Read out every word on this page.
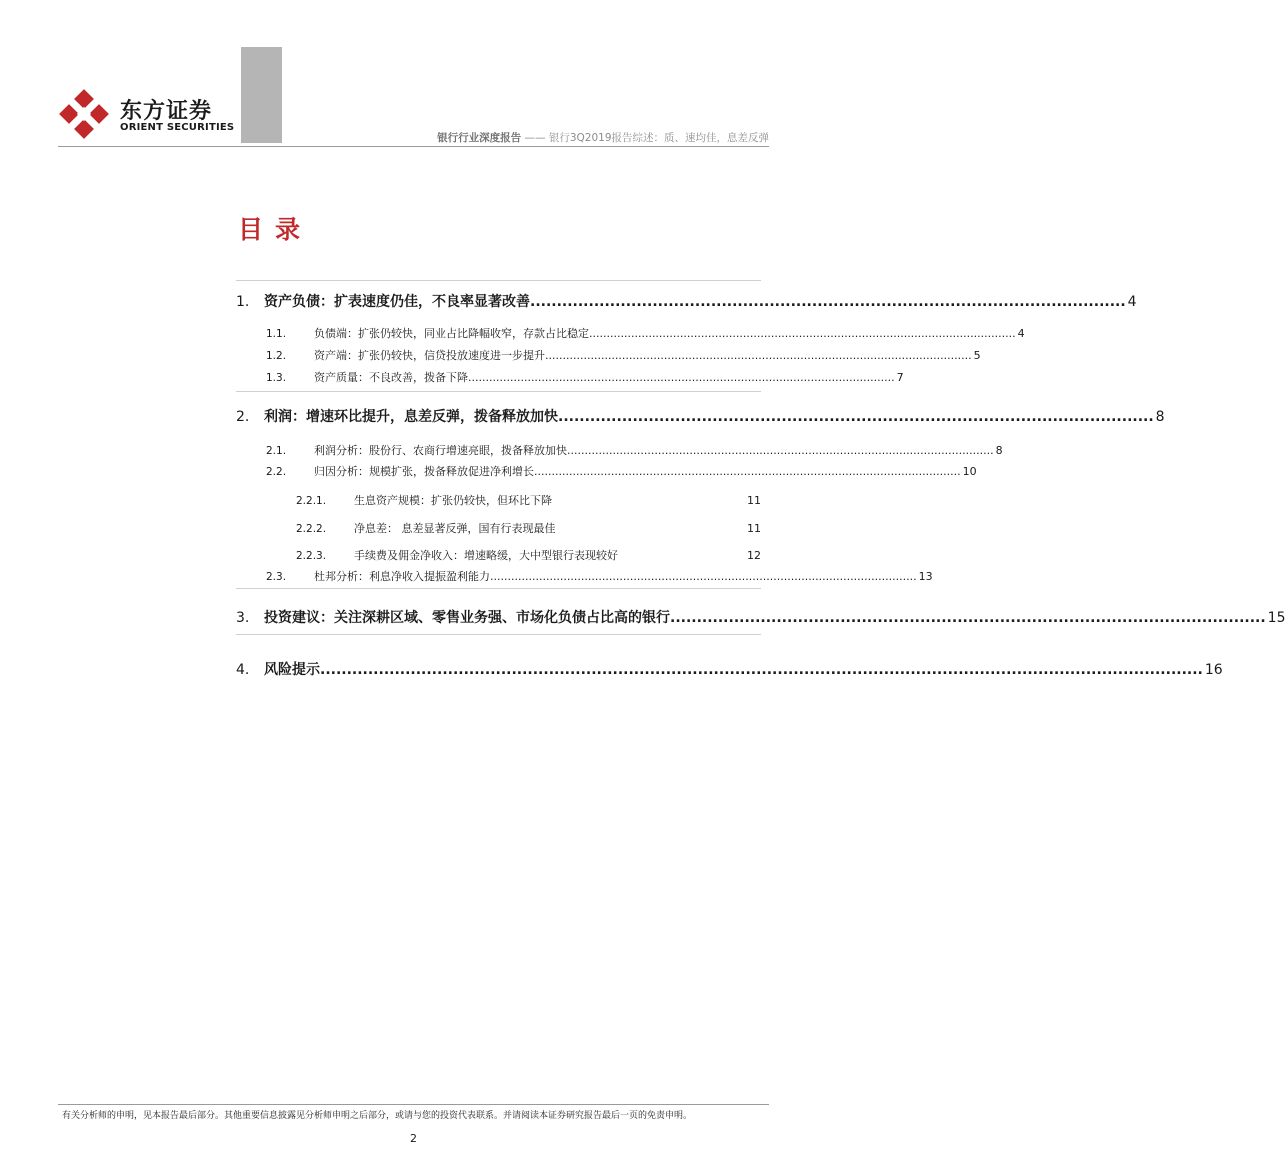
东方证券
ORIENT SECURITIES
银行行业深度报告 —— 银行3Q2019报告综述：质、速均佳，息差反弹
目录
1.	资产负债：扩表速度仍佳，不良率显著改善 ................................................................................................................ 4
1.1.	负债端：扩张仍较快，同业占比降幅收窄，存款占比稳定 .......................................................................................................................... 4
1.2.	资产端：扩张仍较快，信贷投放速度进一步提升 .......................................................................................................................... 5
1.3.	资产质量：不良改善，拨备下降 .......................................................................................................................... 7
2.	利润：增速环比提升，息差反弹，拨备释放加快 ................................................................................................................ 8
2.1.	利润分析：股份行、农商行增速亮眼，拨备释放加快 .......................................................................................................................... 8
2.2.	归因分析：规模扩张，拨备释放促进净利增长 .......................................................................................................................... 10
2.2.1.	生息资产规模：扩张仍较快，但环比下降	11
2.2.2.	净息差： 息差显著反弹，国有行表现最佳	11
2.2.3.	手续费及佣金净收入：增速略缓，大中型银行表现较好	12
2.3.	杜邦分析：利息净收入提振盈利能力 .......................................................................................................................... 13
3.	投资建议：关注深耕区域、零售业务强、市场化负债占比高的银行 ................................................................................................................ 15
4.	风险提示 ...................................................................................................................................................................... 16
有关分析师的申明，见本报告最后部分。其他重要信息披露见分析师申明之后部分，或请与您的投资代表联系。并请阅读本证券研究报告最后一页的免责申明。
2
